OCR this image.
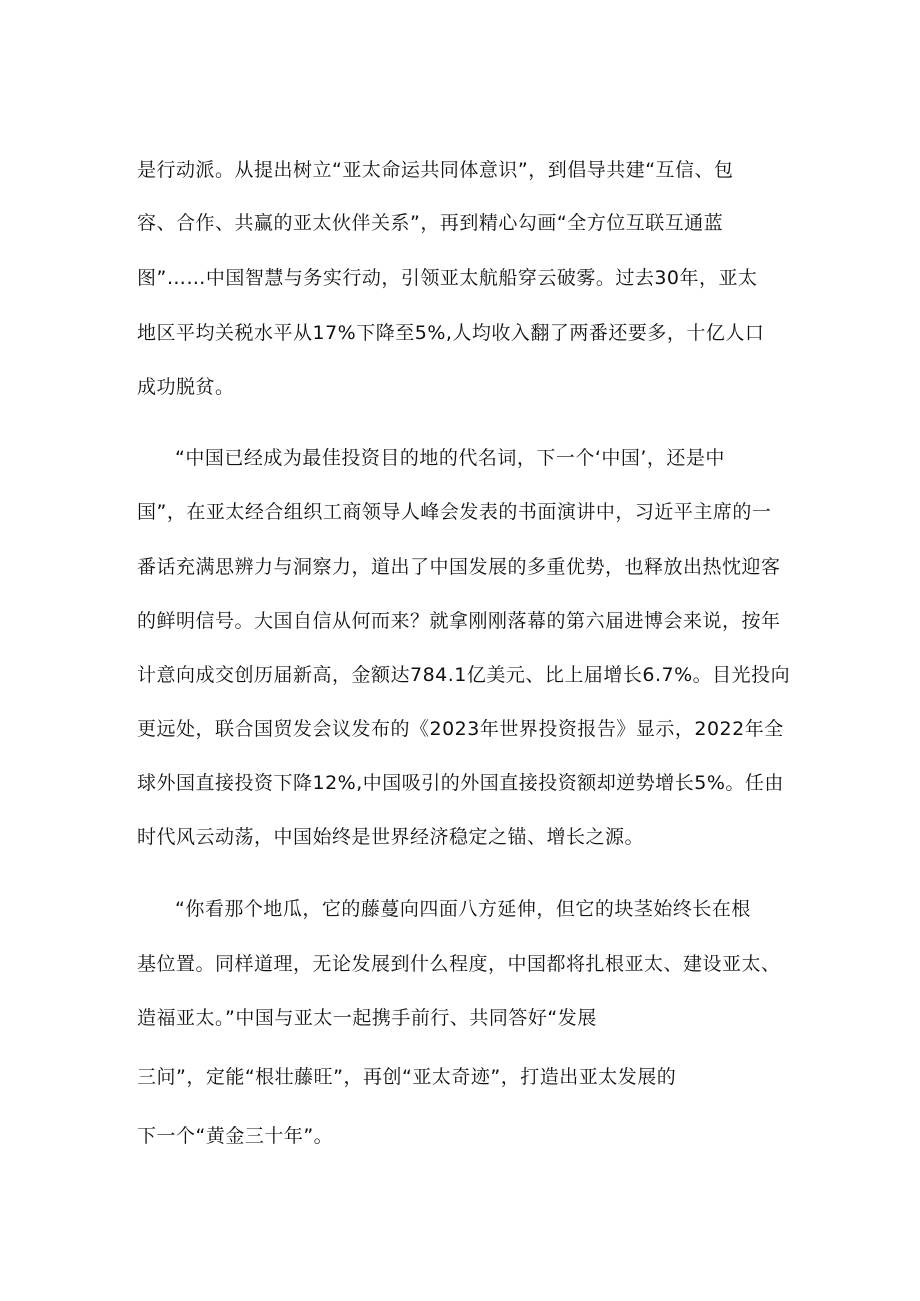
是行动派。从提出树立“亚太命运共同体意识”，到倡导共建“互信、包
容、合作、共赢的亚太伙伴关系”，再到精心勾画“全方位互联互通蓝
图”……中国智慧与务实行动，引领亚太航船穿云破雾。过去30年，亚太
地区平均关税水平从17%下降至5%,人均收入翻了两番还要多，十亿人口
成功脱贫。
“中国已经成为最佳投资目的地的代名词，下一个‘中国’，还是中
国”，在亚太经合组织工商领导人峰会发表的书面演讲中，习近平主席的一
番话充满思辨力与洞察力，道出了中国发展的多重优势，也释放出热忱迎客
的鲜明信号。大国自信从何而来？就拿刚刚落幕的第六届进博会来说，按年
计意向成交创历届新高，金额达784.1亿美元、比上届增长6.7%。目光投向
更远处，联合国贸发会议发布的《2023年世界投资报告》显示，2022年全
球外国直接投资下降12%,中国吸引的外国直接投资额却逆势增长5%。任由
时代风云动荡，中国始终是世界经济稳定之锚、增长之源。
“你看那个地瓜，它的藤蔓向四面八方延伸，但它的块茎始终长在根
基位置。同样道理，无论发展到什么程度，中国都将扎根亚太、建设亚太、
造福亚太。”中国与亚太一起携手前行、共同答好“发展
三问”，定能“根壮藤旺”，再创“亚太奇迹”，打造出亚太发展的
下一个“黄金三十年”。
